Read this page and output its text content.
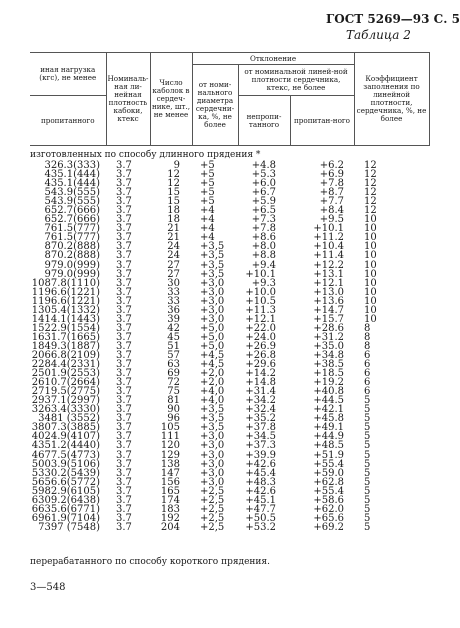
ГОСТ 5269—93 С. 5
Таблица 2
иная нагрузка (кгс), не менее	Номиналь-ная ли-нейная плотность кабоки, ктекс	Число каболок в сердеч-нике, шт., не менее	Отклонение			Коэффициент заполнения по линейной плотности, сердечника, %, не более
			от номи-нального диаметра сердечни-ка, %, не более	от номинальной линей-ной плотности сердечника, ктекс, не более		
пропитанного				непропи-танного	пропитан-ного	
изготовленных по способу длинного прядения *
326.3(333)	3.7	9	+5	+4.8	+6.2	12
435.1(444)	3.7	12	+5	+5.3	+6.9	12
435.1(444)	3.7	12	+5	+6.0	+7.8	12
543.9(555)	3.7	15	+5	+6.7	+8.7	12
543.9(555)	3.7	15	+5	+5.9	+7.7	12
652.7(666)	3.7	18	+4	+6.5	+8.4	12
652.7(666)	3.7	18	+4	+7.3	+9.5	10
761.5(777)	3.7	21	+4	+7.8	+10.1	10
761.5(777)	3.7	21	+4	+8.6	+11.2	10
870.2(888)	3.7	24	+3,5	+8.0	+10.4	10
870.2(888)	3.7	24	+3,5	+8.8	+11.4	10
979.0(999)	3.7	27	+3,5	+9.4	+12.2	10
979.0(999)	3.7	27	+3,5	+10.1	+13.1	10
1087.8(1110)	3.7	30	+3,0	+9.3	+12.1	10
1196.6(1221)	3.7	33	+3,0	+10.0	+13.0	10
1196.6(1221)	3.7	33	+3,0	+10.5	+13.6	10
1305.4(1332)	3.7	36	+3,0	+11.3	+14.7	10
1414.1(1443)	3.7	39	+3,0	+12.1	+15.7	10
1522.9(1554)	3.7	42	+5,0	+22.0	+28.6	8
1631.7(1665)	3.7	45	+5,0	+24.0	+31.2	8
1849.3(1887)	3.7	51	+5,0	+26.9	+35.0	8
2066.8(2109)	3.7	57	+4,5	+26.8	+34.8	6
2284.4(2331)	3.7	63	+4,5	+29.6	+38.5	6
2501.9(2553)	3.7	69	+2,0	+14.2	+18.5	6
2610.7(2664)	3.7	72	+2,0	+14.8	+19.2	6
2719.5(2775)	3.7	75	+4,0	+31.4	+40.8	6
2937.1(2997)	3.7	81	+4,0	+34.2	+44.5	5
3263.4(3330)	3.7	90	+3,5	+32.4	+42.1	5
3481 (3552)	3.7	96	+3,5	+35.2	+45.8	5
3807.3(3885)	3.7	105	+3,5	+37.8	+49.1	5
4024.9(4107)	3.7	111	+3,0	+34.5	+44.9	5
4351.2(4440)	3.7	120	+3,0	+37.3	+48.5	5
4677.5(4773)	3.7	129	+3,0	+39.9	+51.9	5
5003.9(5106)	3.7	138	+3,0	+42.6	+55.4	5
5330.2(5439)	3.7	147	+3,0	+45.4	+59.0	5
5656.6(5772)	3.7	156	+3,0	+48.3	+62.8	5
5982.9(6105)	3.7	165	+2,5	+42.6	+55.4	5
6309.2(6438)	3.7	174	+2,5	+45.1	+58.6	5
6635.6(6771)	3.7	183	+2,5	+47.7	+62.0	5
6961.9(7104)	3.7	192	+2,5	+50.5	+65.6	5
7397 (7548)	3.7	204	+2,5	+53.2	+69.2	5
перерабатанного по способу короткого прядения.
3—548
